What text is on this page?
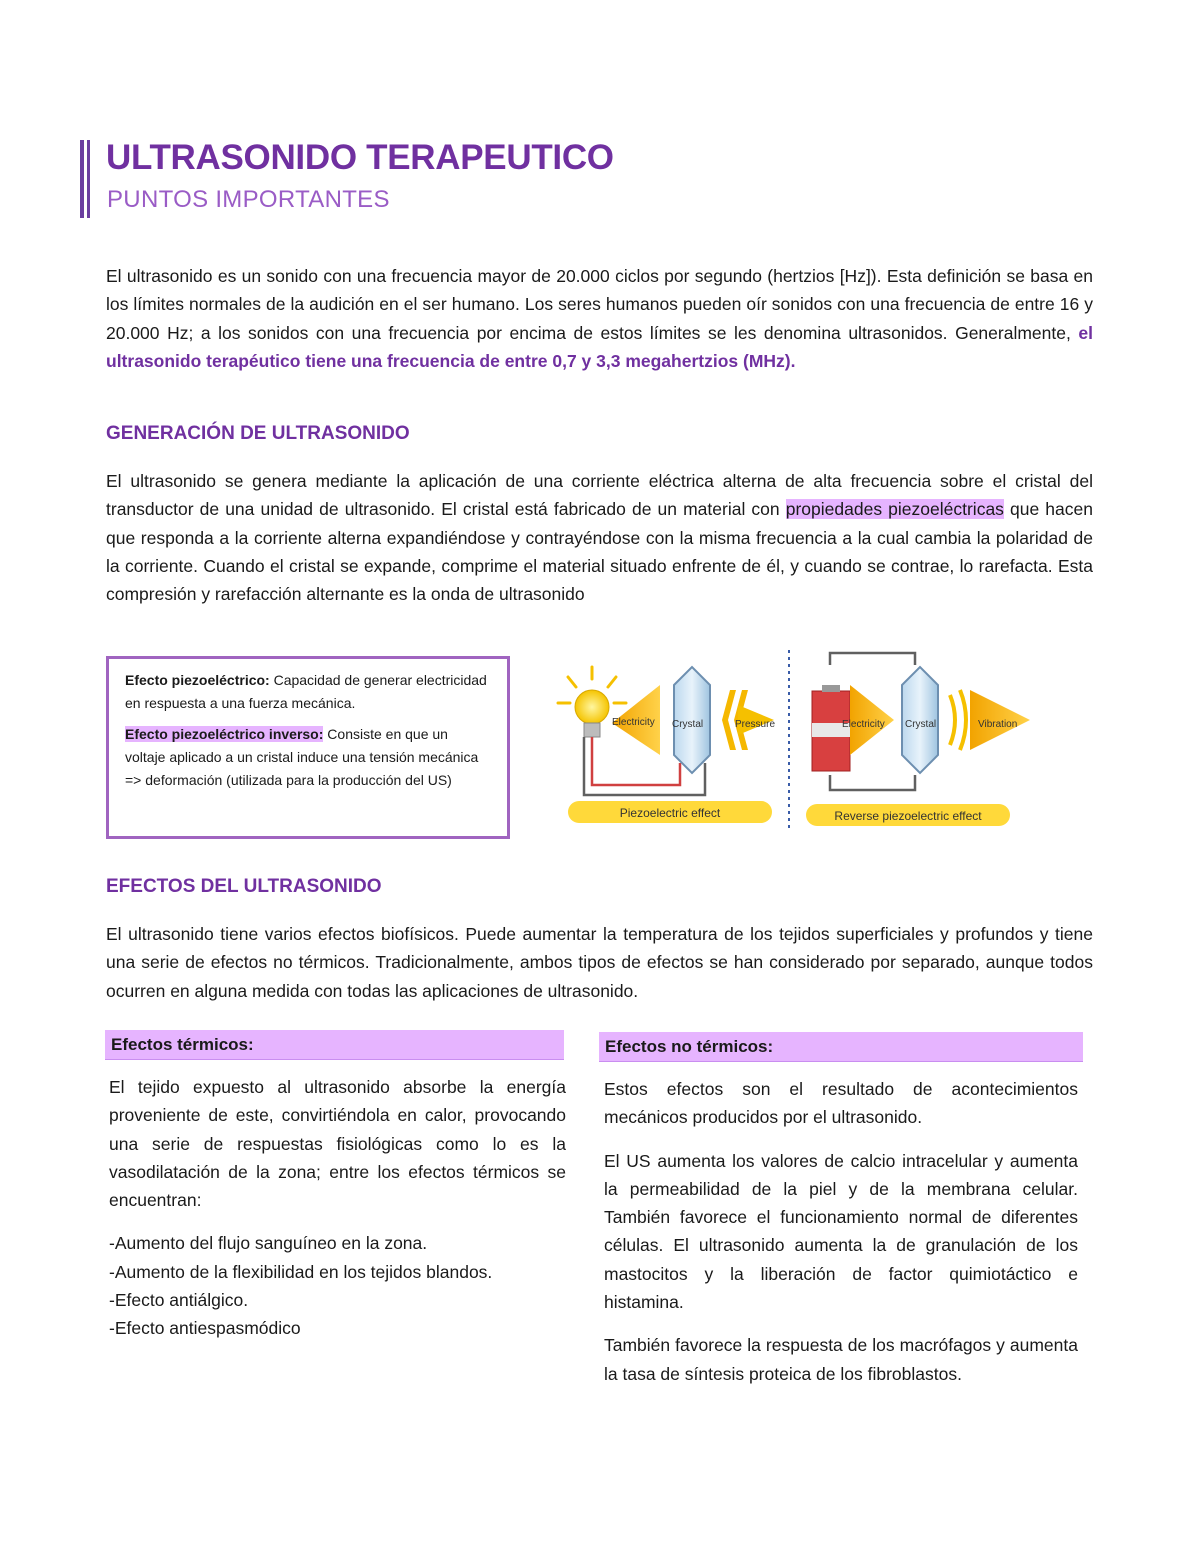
ULTRASONIDO TERAPEUTICO
PUNTOS IMPORTANTES

El ultrasonido es un sonido con una frecuencia mayor de 20.000 ciclos por segundo (hertzios [Hz]). Esta definición se basa en los límites normales de la audición en el ser humano. Los seres humanos pueden oír sonidos con una frecuencia de entre 16 y 20.000 Hz; a los sonidos con una frecuencia por encima de estos límites se les denomina ultrasonidos. Generalmente, el ultrasonido terapéutico tiene una frecuencia de entre 0,7 y 3,3 megahertzios (MHz).

GENERACIÓN DE ULTRASONIDO

El ultrasonido se genera mediante la aplicación de una corriente eléctrica alterna de alta frecuencia sobre el cristal del transductor de una unidad de ultrasonido. El cristal está fabricado de un material con propiedades piezoeléctricas que hacen que responda a la corriente alterna expandiéndose y contrayéndose con la misma frecuencia a la cual cambia la polaridad de la corriente. Cuando el cristal se expande, comprime el material situado enfrente de él, y cuando se contrae, lo rarefacta. Esta compresión y rarefacción alternante es la onda de ultrasonido

Efecto piezoeléctrico: Capacidad de generar electricidad en respuesta a una fuerza mecánica.

Efecto piezoeléctrico inverso: Consiste en que un voltaje aplicado a un cristal induce una tensión mecánica => deformación (utilizada para la producción del US)

Electricity Crystal	Pressure
Piezoelectric effect
Electricity Crystal	Vibration
Reverse piezoelectric effect
EFECTOS DEL ULTRASONIDO

El ultrasonido tiene varios efectos biofísicos. Puede aumentar la temperatura de los tejidos superficiales y profundos y tiene una serie de efectos no térmicos. Tradicionalmente, ambos tipos de efectos se han considerado por separado, aunque todos ocurren en alguna medida con todas las aplicaciones de ultrasonido.

Efectos térmicos:

El tejido expuesto al ultrasonido absorbe la energía proveniente de este, convirtiéndola en calor, provocando una serie de respuestas fisiológicas como lo es la vasodilatación de la zona; entre los efectos térmicos se encuentran:

-Aumento del flujo sanguíneo en la zona.
-Aumento de la flexibilidad en los tejidos blandos.
-Efecto antiálgico.
-Efecto antiespasmódico
Efectos no térmicos:

Estos efectos son el resultado de acontecimientos mecánicos producidos por el ultrasonido.

El US aumenta los valores de calcio intracelular y aumenta la permeabilidad de la piel y de la membrana celular. También favorece el funcionamiento normal de diferentes células. El ultrasonido aumenta la de granulación de los mastocitos y la liberación de factor quimiotáctico e histamina.

También favorece la respuesta de los macrófagos y aumenta la tasa de síntesis proteica de los fibroblastos.
